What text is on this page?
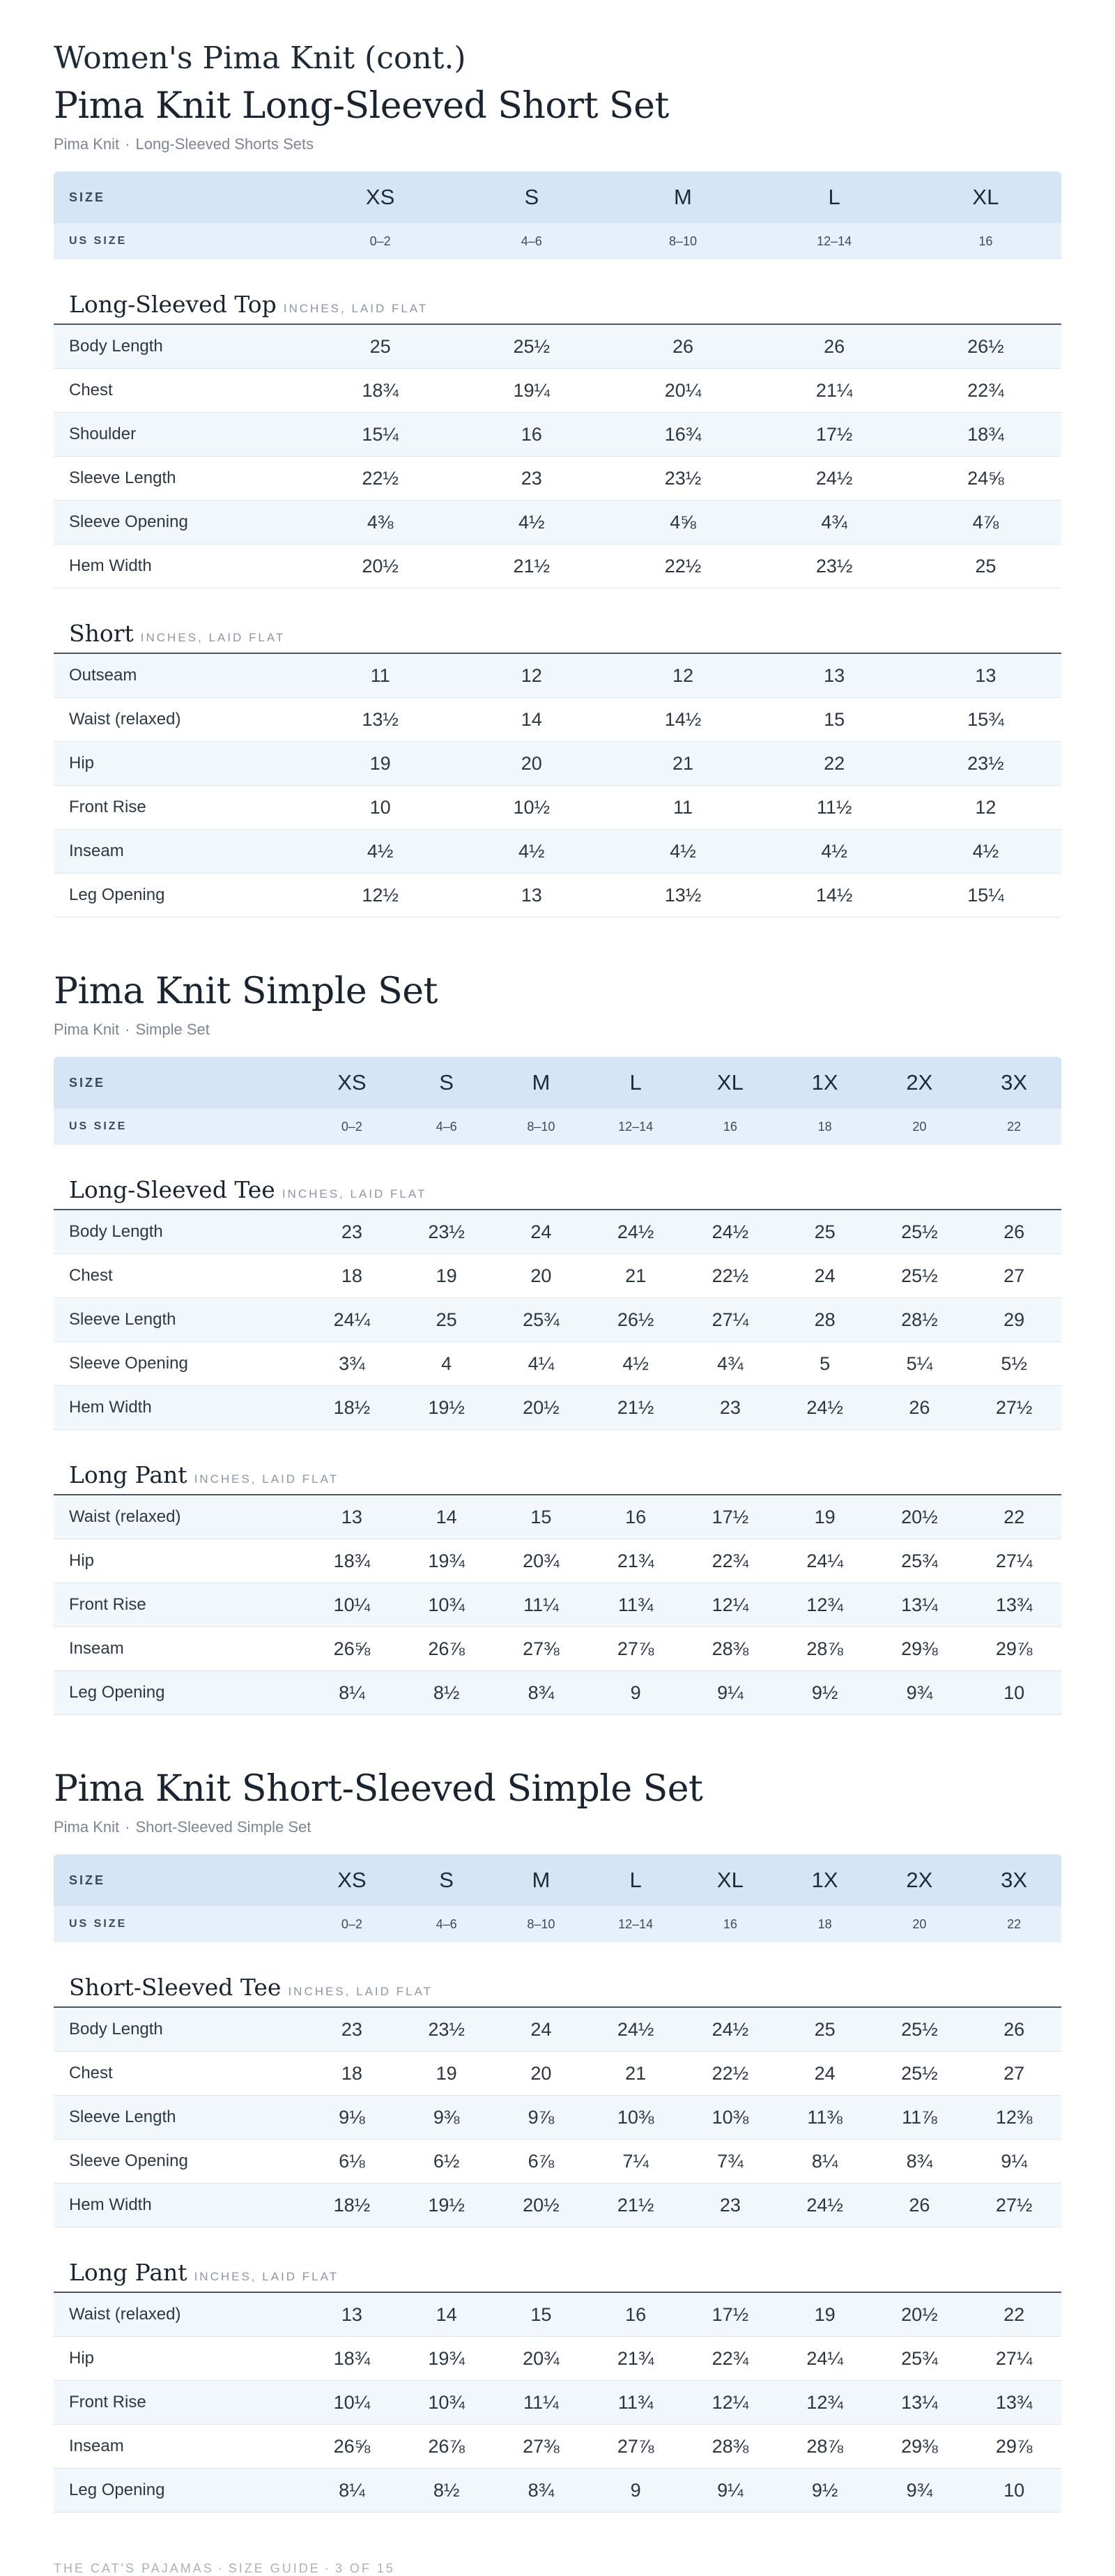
Women's Pima Knit (cont.)
Pima Knit Long-Sleeved Short Set
Pima Knit · Long-Sleeved Shorts Sets
SIZE	XS	S	M	L	XL
US SIZE	0–2	4–6	8–10	12–14	16
Long-Sleeved Top INCHES, LAID FLAT					
Body Length	25	25½	26	26	26½
Chest	18¾	19¼	20¼	21¼	22¾
Shoulder	15¼	16	16¾	17½	18¾
Sleeve Length	22½	23	23½	24½	24⅝
Sleeve Opening	4⅜	4½	4⅝	4¾	4⅞
Hem Width	20½	21½	22½	23½	25
Short INCHES, LAID FLAT					
Outseam	11	12	12	13	13
Waist (relaxed)	13½	14	14½	15	15¾
Hip	19	20	21	22	23½
Front Rise	10	10½	11	11½	12
Inseam	4½	4½	4½	4½	4½
Leg Opening	12½	13	13½	14½	15¼
Pima Knit Simple Set
Pima Knit · Simple Set
SIZE	XS	S	M	L	XL	1X	2X	3X
US SIZE	0–2	4–6	8–10	12–14	16	18	20	22
Long-Sleeved Tee INCHES, LAID FLAT								
Body Length	23	23½	24	24½	24½	25	25½	26
Chest	18	19	20	21	22½	24	25½	27
Sleeve Length	24¼	25	25¾	26½	27¼	28	28½	29
Sleeve Opening	3¾	4	4¼	4½	4¾	5	5¼	5½
Hem Width	18½	19½	20½	21½	23	24½	26	27½
Long Pant INCHES, LAID FLAT								
Waist (relaxed)	13	14	15	16	17½	19	20½	22
Hip	18¾	19¾	20¾	21¾	22¾	24¼	25¾	27¼
Front Rise	10¼	10¾	11¼	11¾	12¼	12¾	13¼	13¾
Inseam	26⅝	26⅞	27⅜	27⅞	28⅜	28⅞	29⅜	29⅞
Leg Opening	8¼	8½	8¾	9	9¼	9½	9¾	10
Pima Knit Short-Sleeved Simple Set
Pima Knit · Short-Sleeved Simple Set
SIZE	XS	S	M	L	XL	1X	2X	3X
US SIZE	0–2	4–6	8–10	12–14	16	18	20	22
Short-Sleeved Tee INCHES, LAID FLAT								
Body Length	23	23½	24	24½	24½	25	25½	26
Chest	18	19	20	21	22½	24	25½	27
Sleeve Length	9⅛	9⅜	9⅞	10⅜	10⅜	11⅜	11⅞	12⅜
Sleeve Opening	6⅛	6½	6⅞	7¼	7¾	8¼	8¾	9¼
Hem Width	18½	19½	20½	21½	23	24½	26	27½
Long Pant INCHES, LAID FLAT								
Waist (relaxed)	13	14	15	16	17½	19	20½	22
Hip	18¾	19¾	20¾	21¾	22¾	24¼	25¾	27¼
Front Rise	10¼	10¾	11¼	11¾	12¼	12¾	13¼	13¾
Inseam	26⅝	26⅞	27⅜	27⅞	28⅜	28⅞	29⅜	29⅞
Leg Opening	8¼	8½	8¾	9	9¼	9½	9¾	10
THE CAT'S PAJAMAS · SIZE GUIDE · 3 OF 15
